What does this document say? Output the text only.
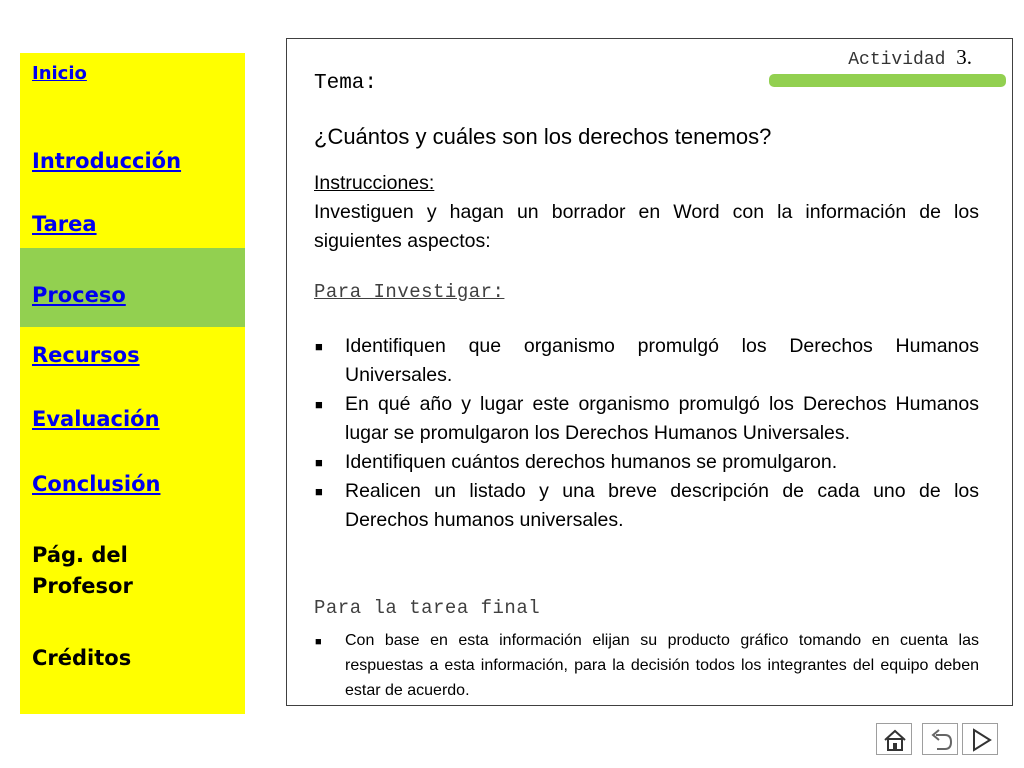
Inicio
Introducción
Tarea
Proceso
Recursos
Evaluación
Conclusión
Pág. del Profesor
Créditos
Actividad 3.
Tema:
¿Cuántos y cuáles son los derechos tenemos?
Instrucciones:
Investiguen y hagan un borrador en Word con la información de los siguientes aspectos:
Para Investigar:
■ Identifiquen que organismo promulgó los Derechos Humanos Universales.
■ En qué año y lugar este organismo promulgó los Derechos Humanos lugar se promulgaron los Derechos Humanos Universales.
■ Identifiquen cuántos derechos humanos se promulgaron.
■ Realicen un listado y una breve descripción de cada uno de los Derechos humanos universales.
Para la tarea final
■ Con base en esta información elijan su producto gráfico tomando en cuenta las respuestas a esta información, para la decisión todos los integrantes del equipo deben estar de acuerdo.
